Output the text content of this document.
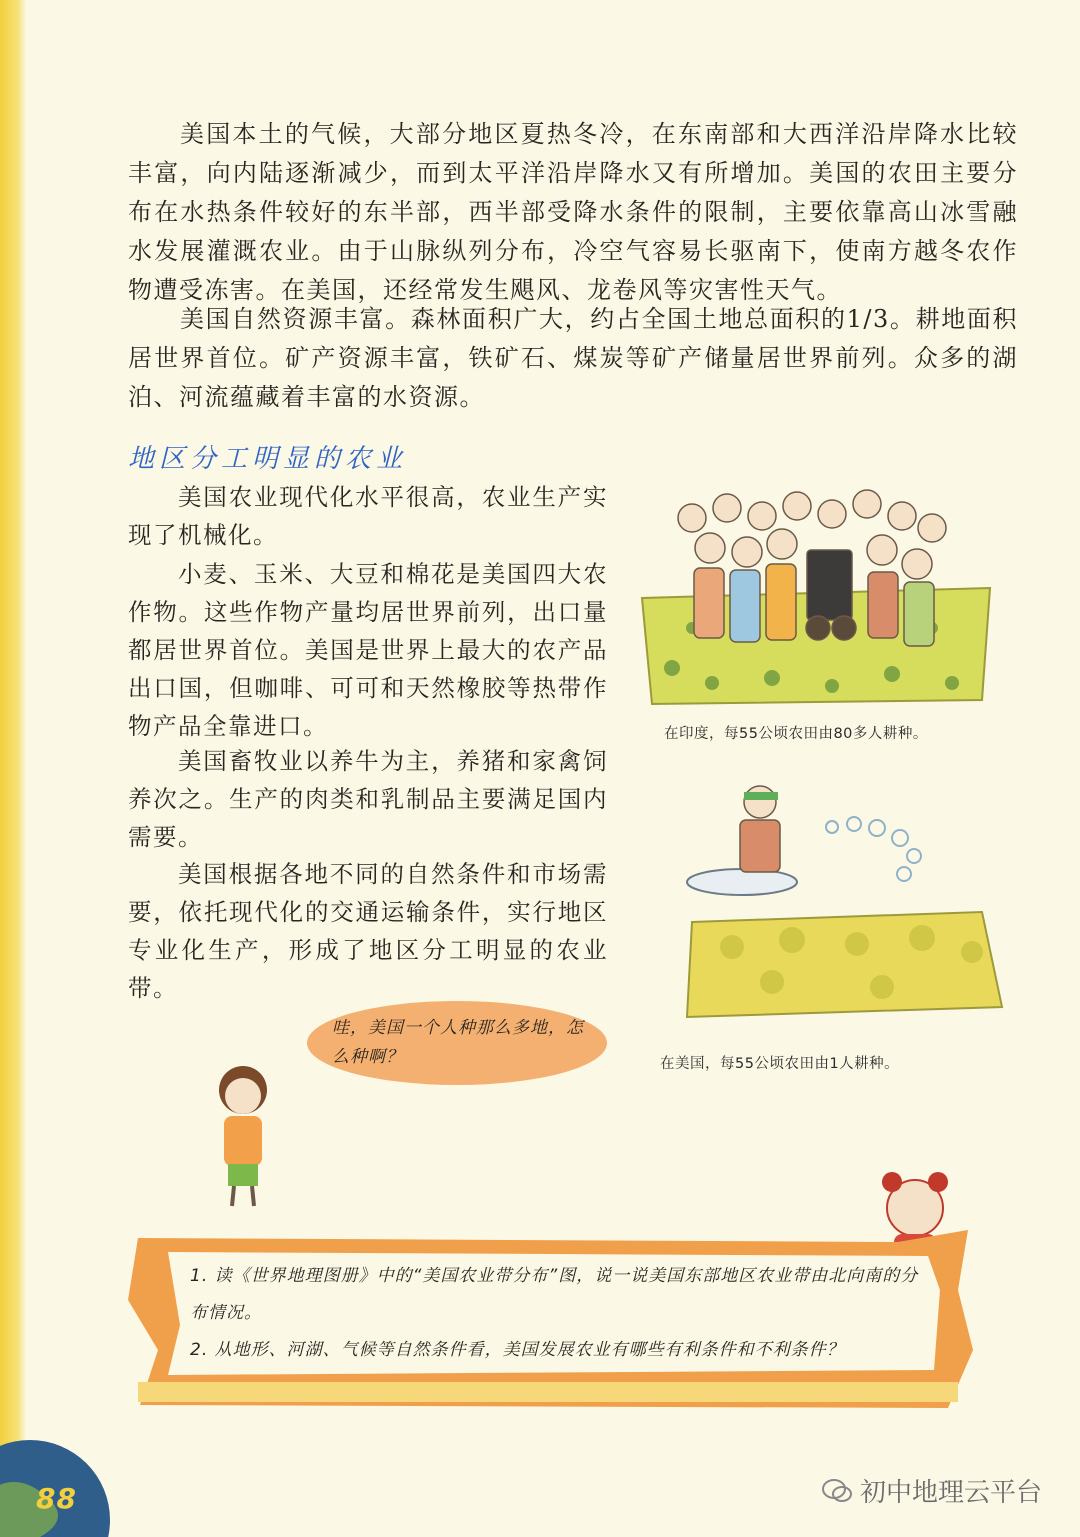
美国本土的气候，大部分地区夏热冬冷，在东南部和大西洋沿岸降水比较丰富，向内陆逐渐减少，而到太平洋沿岸降水又有所增加。美国的农田主要分布在水热条件较好的东半部，西半部受降水条件的限制，主要依靠高山冰雪融水发展灌溉农业。由于山脉纵列分布，冷空气容易长驱南下，使南方越冬农作物遭受冻害。在美国，还经常发生飓风、龙卷风等灾害性天气。

美国自然资源丰富。森林面积广大，约占全国土地总面积的1/3。耕地面积居世界首位。矿产资源丰富，铁矿石、煤炭等矿产储量居世界前列。众多的湖泊、河流蕴藏着丰富的水资源。

地区分工明显的农业

美国农业现代化水平很高，农业生产实现了机械化。

小麦、玉米、大豆和棉花是美国四大农作物。这些作物产量均居世界前列，出口量都居世界首位。美国是世界上最大的农产品出口国，但咖啡、可可和天然橡胶等热带作物产品全靠进口。

美国畜牧业以养牛为主，养猪和家禽饲养次之。生产的肉类和乳制品主要满足国内需要。

美国根据各地不同的自然条件和市场需要，依托现代化的交通运输条件，实行地区专业化生产，形成了地区分工明显的农业带。

在印度，每55公顷农田由80多人耕种。
在美国，每55公顷农田由1人耕种。
哇，美国一个人种那么多地，怎么种啊？

1. 读《世界地理图册》中的“美国农业带分布”图，说一说美国东部地区农业带由北向南的分布情况。

2. 从地形、河湖、气候等自然条件看，美国发展农业有哪些有利条件和不利条件？

88	初中地理云平台
